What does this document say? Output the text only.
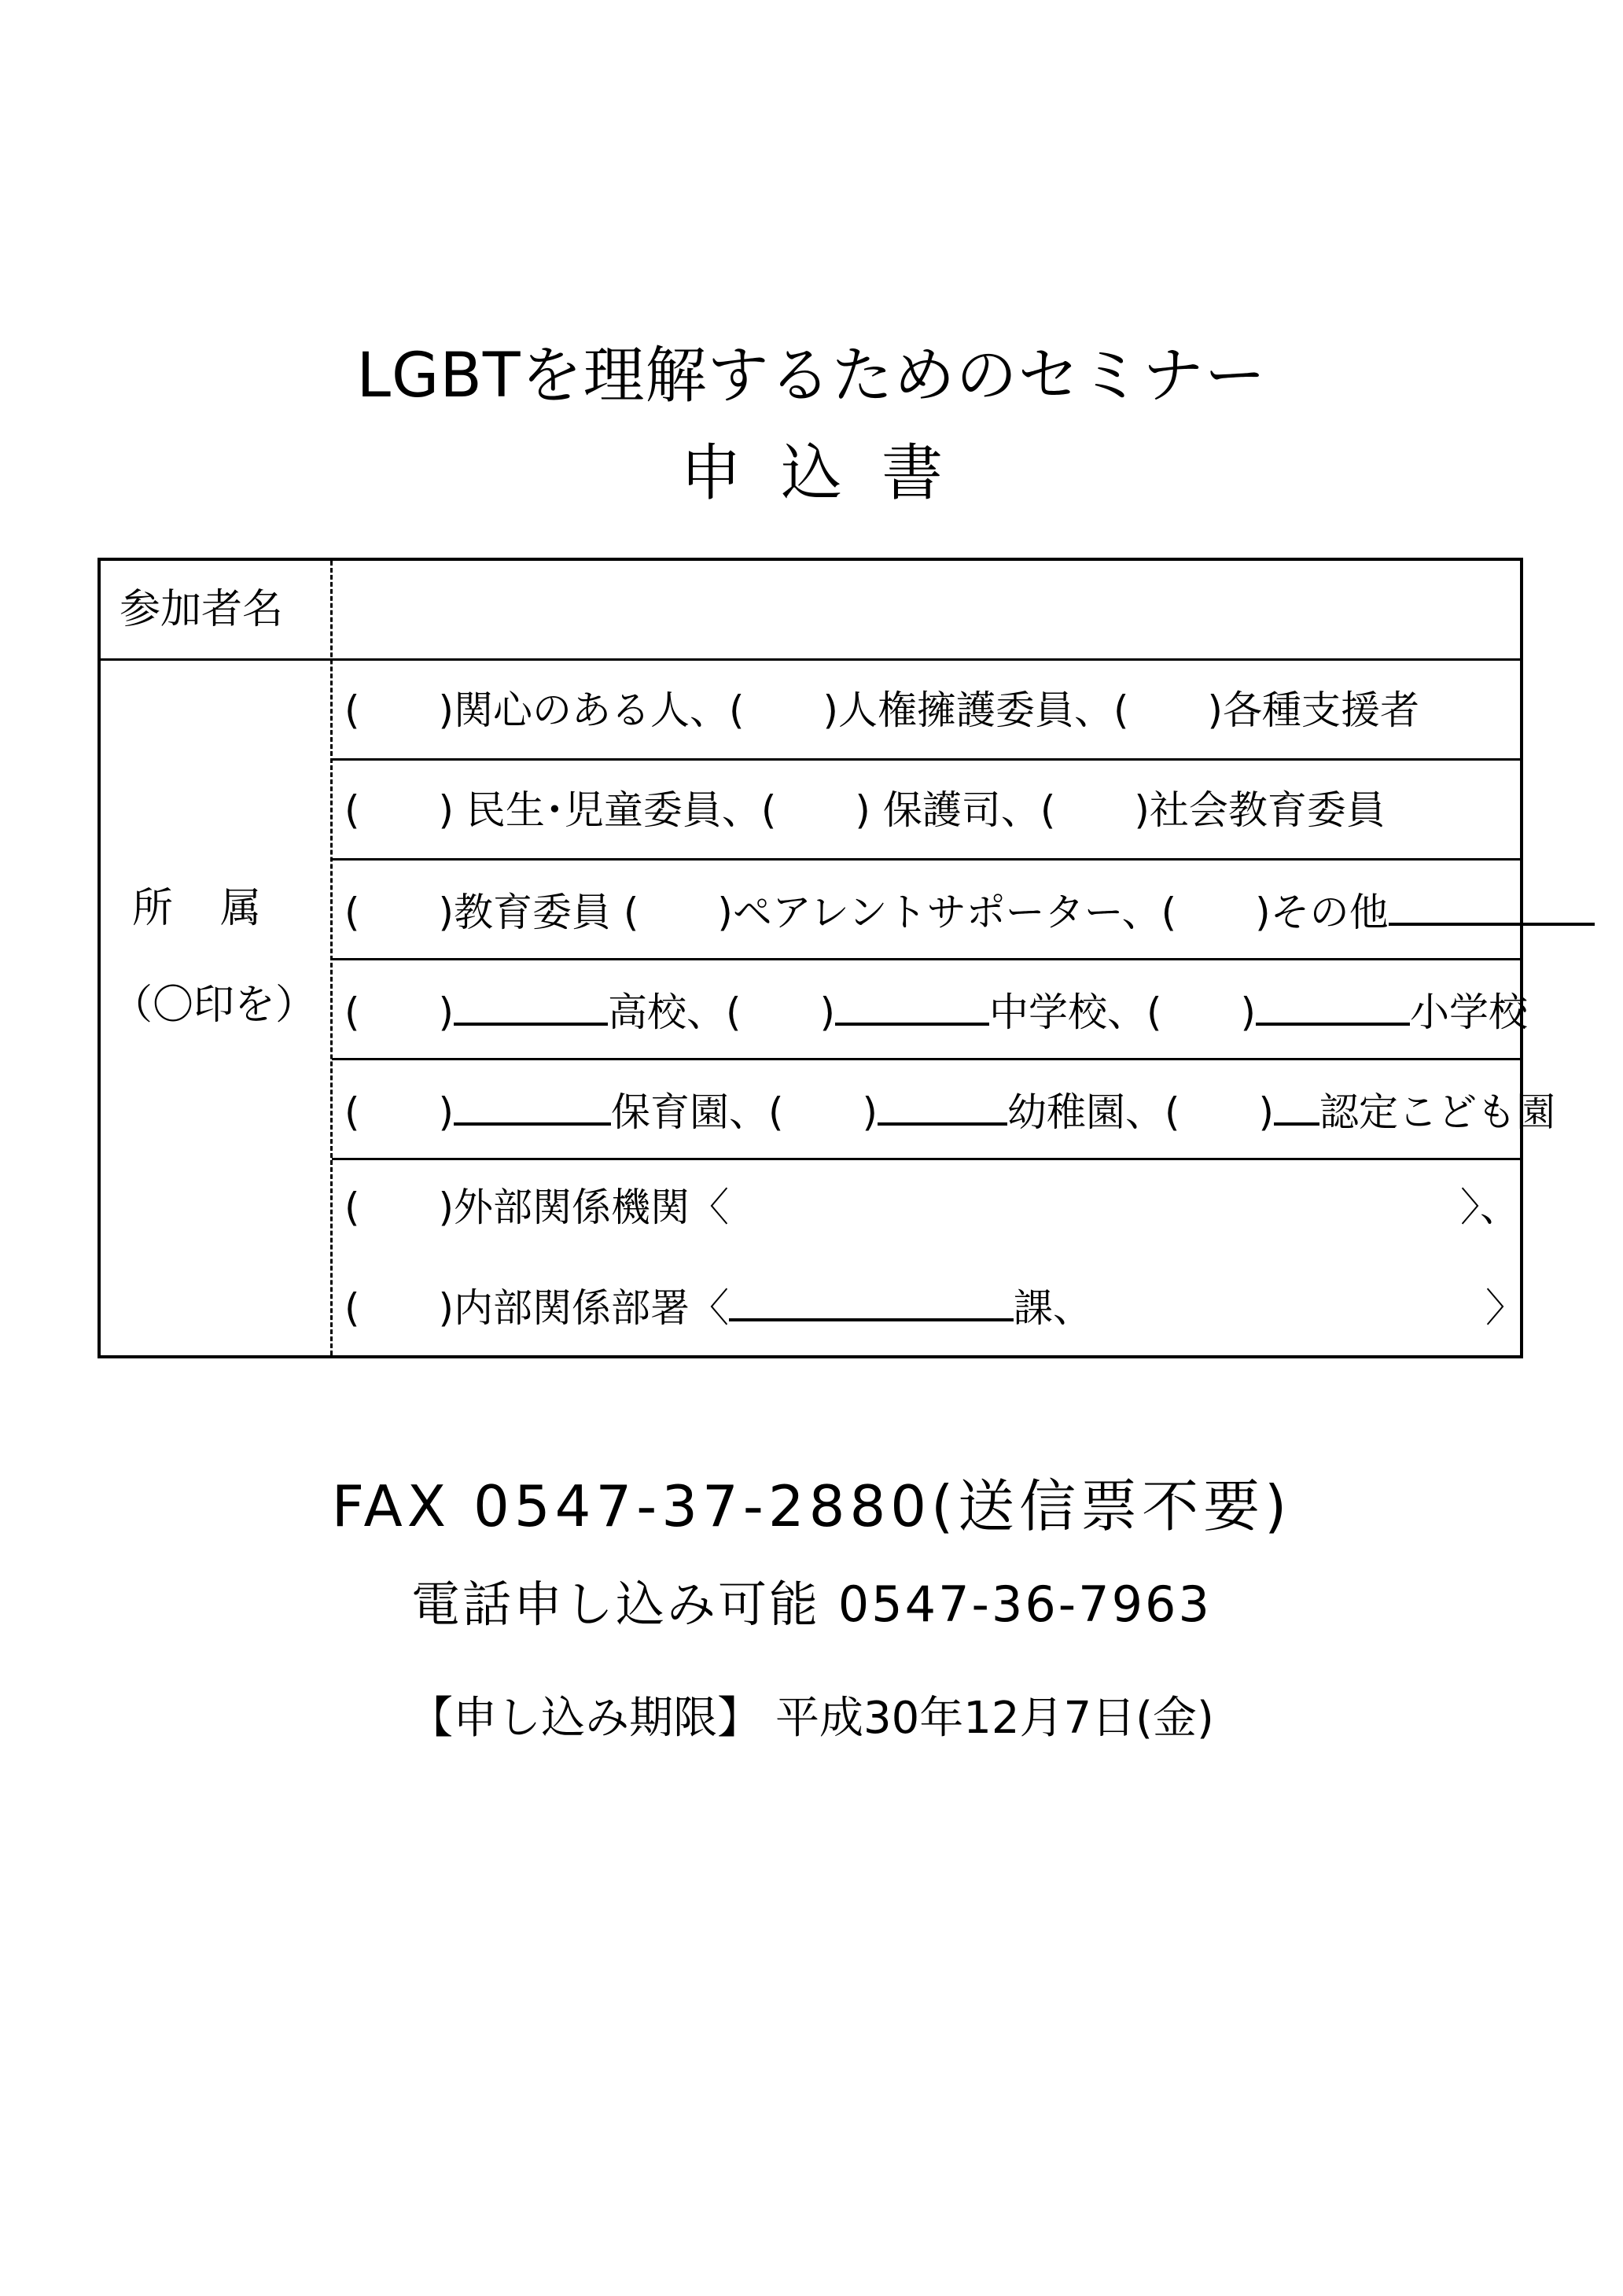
LGBTを理解するためのセミナー
申込書
参加者名
所　属
（〇印を）
(　　)関心のある人、(　　)人権擁護委員、(　　)各種支援者
(　　) 民生･児童委員、(　　) 保護司、(　　)社会教育委員
(　　)教育委員 (　　)ペアレントサポーター、(　　)その他
(　　)	高校、(　　)	中学校、(　　)	小学校
(　　)	保育園、(　　)	幼稚園、(　　) 認定こども園
(　　)外部関係機関〈	〉、
(　　)内部関係部署〈	課、	〉
FAX 0547-37-2880(送信票不要)
電話申し込み可能 0547-36-7963
【申し込み期限】 平成30年12月7日(金)
